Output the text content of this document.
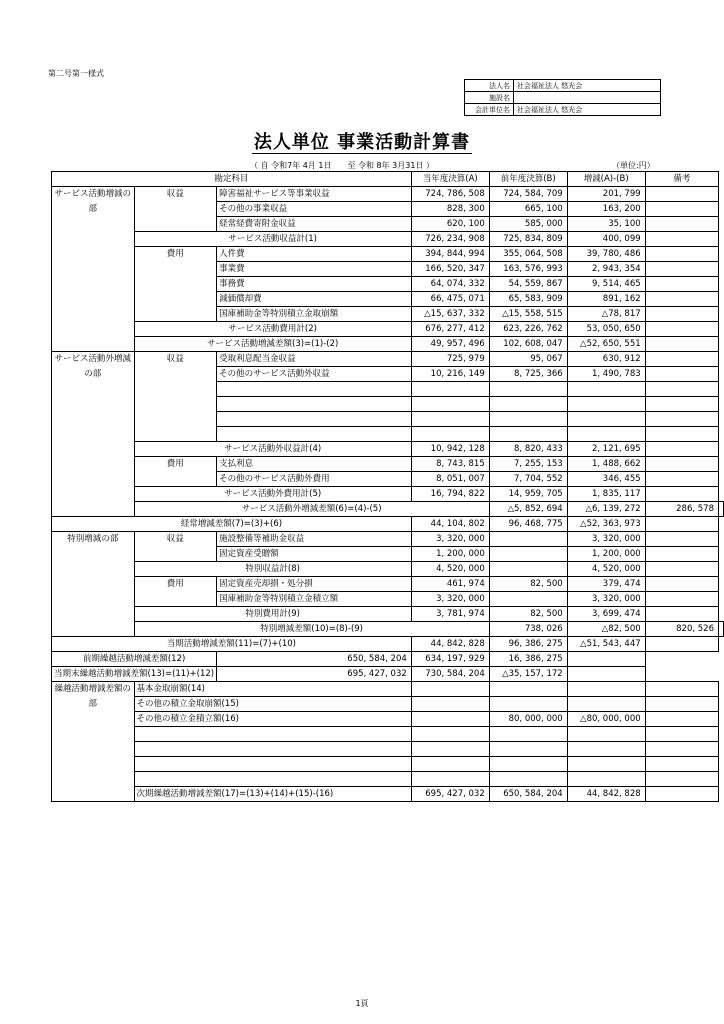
第二号第一様式
法人名	社会福祉法人 悠光会
施設名	
会計単位名	社会福祉法人 悠光会
法人単位 事業活動計算書
（ 自 令和7年 4月 1日　　至 令和 8年 3月31日 ）	（単位:円）
勘定科目			当年度決算(A)	前年度決算(B)	増減(A)-(B)	備考	
サービス活動増減の部	収益	障害福祉サービス等事業収益	724, 786, 508	724, 584, 709	201, 799		
		その他の事業収益	828, 300	665, 100	163, 200		
		経常経費寄附金収益	620, 100	585, 000	35, 100		
	サービス活動収益計(1)		726, 234, 908	725, 834, 809	400, 099		
	費用	人件費	394, 844, 994	355, 064, 508	39, 780, 486		
		事業費	166, 520, 347	163, 576, 993	2, 943, 354		
		事務費	64, 074, 332	54, 559, 867	9, 514, 465		
		減価償却費	66, 475, 071	65, 583, 909	891, 162		
		国庫補助金等特別積立金取崩額	△15, 637, 332	△15, 558, 515	△78, 817		
	サービス活動費用計(2)		676, 277, 412	623, 226, 762	53, 050, 650		
	サービス活動増減差額(3)=(1)-(2)		49, 957, 496	102, 608, 047	△52, 650, 551		
サービス活動外増減の部	収益	受取利息配当金収益	725, 979	95, 067	630, 912		
		その他のサービス活動外収益	10, 216, 149	8, 725, 366	1, 490, 783		

	サービス活動外収益計(4)		10, 942, 128	8, 820, 433	2, 121, 695		
	費用	支払利息	8, 743, 815	7, 255, 153	1, 488, 662		
		その他のサービス活動外費用	8, 051, 007	7, 704, 552	346, 455		
	サービス活動外費用計(5)		16, 794, 822	14, 959, 705	1, 835, 117		
	サービス活動外増減差額(6)=(4)-(5)			△5, 852, 694	△6, 139, 272	286, 578	
経常増減差額(7)=(3)+(6)			44, 104, 802	96, 468, 775	△52, 363, 973		
特別増減の部	収益	施設整備等補助金収益	3, 320, 000		3, 320, 000		
		固定資産受贈額	1, 200, 000		1, 200, 000		
	特別収益計(8)		4, 520, 000		4, 520, 000		
	費用	固定資産売却損・処分損	461, 974	82, 500	379, 474		
		国庫補助金等特別積立金積立額	3, 320, 000		3, 320, 000		
	特別費用計(9)		3, 781, 974	82, 500	3, 699, 474		
	特別増減差額(10)=(8)-(9)			738, 026	△82, 500	820, 526	
当期活動増減差額(11)=(7)+(10)			44, 842, 828	96, 386, 275	△51, 543, 447		
前期繰越活動増減差額(12)		650, 584, 204	634, 197, 929	16, 386, 275			
当期末繰越活動増減差額(13)=(11)+(12)		695, 427, 032	730, 584, 204	△35, 157, 172			
繰越活動増減差額の部	基本金取崩額(14)						
	その他の積立金取崩額(15)						
	その他の積立金積立額(16)			80, 000, 000	△80, 000, 000		

	次期繰越活動増減差額(17)=(13)+(14)+(15)-(16)		695, 427, 032	650, 584, 204	44, 842, 828		
1頁
